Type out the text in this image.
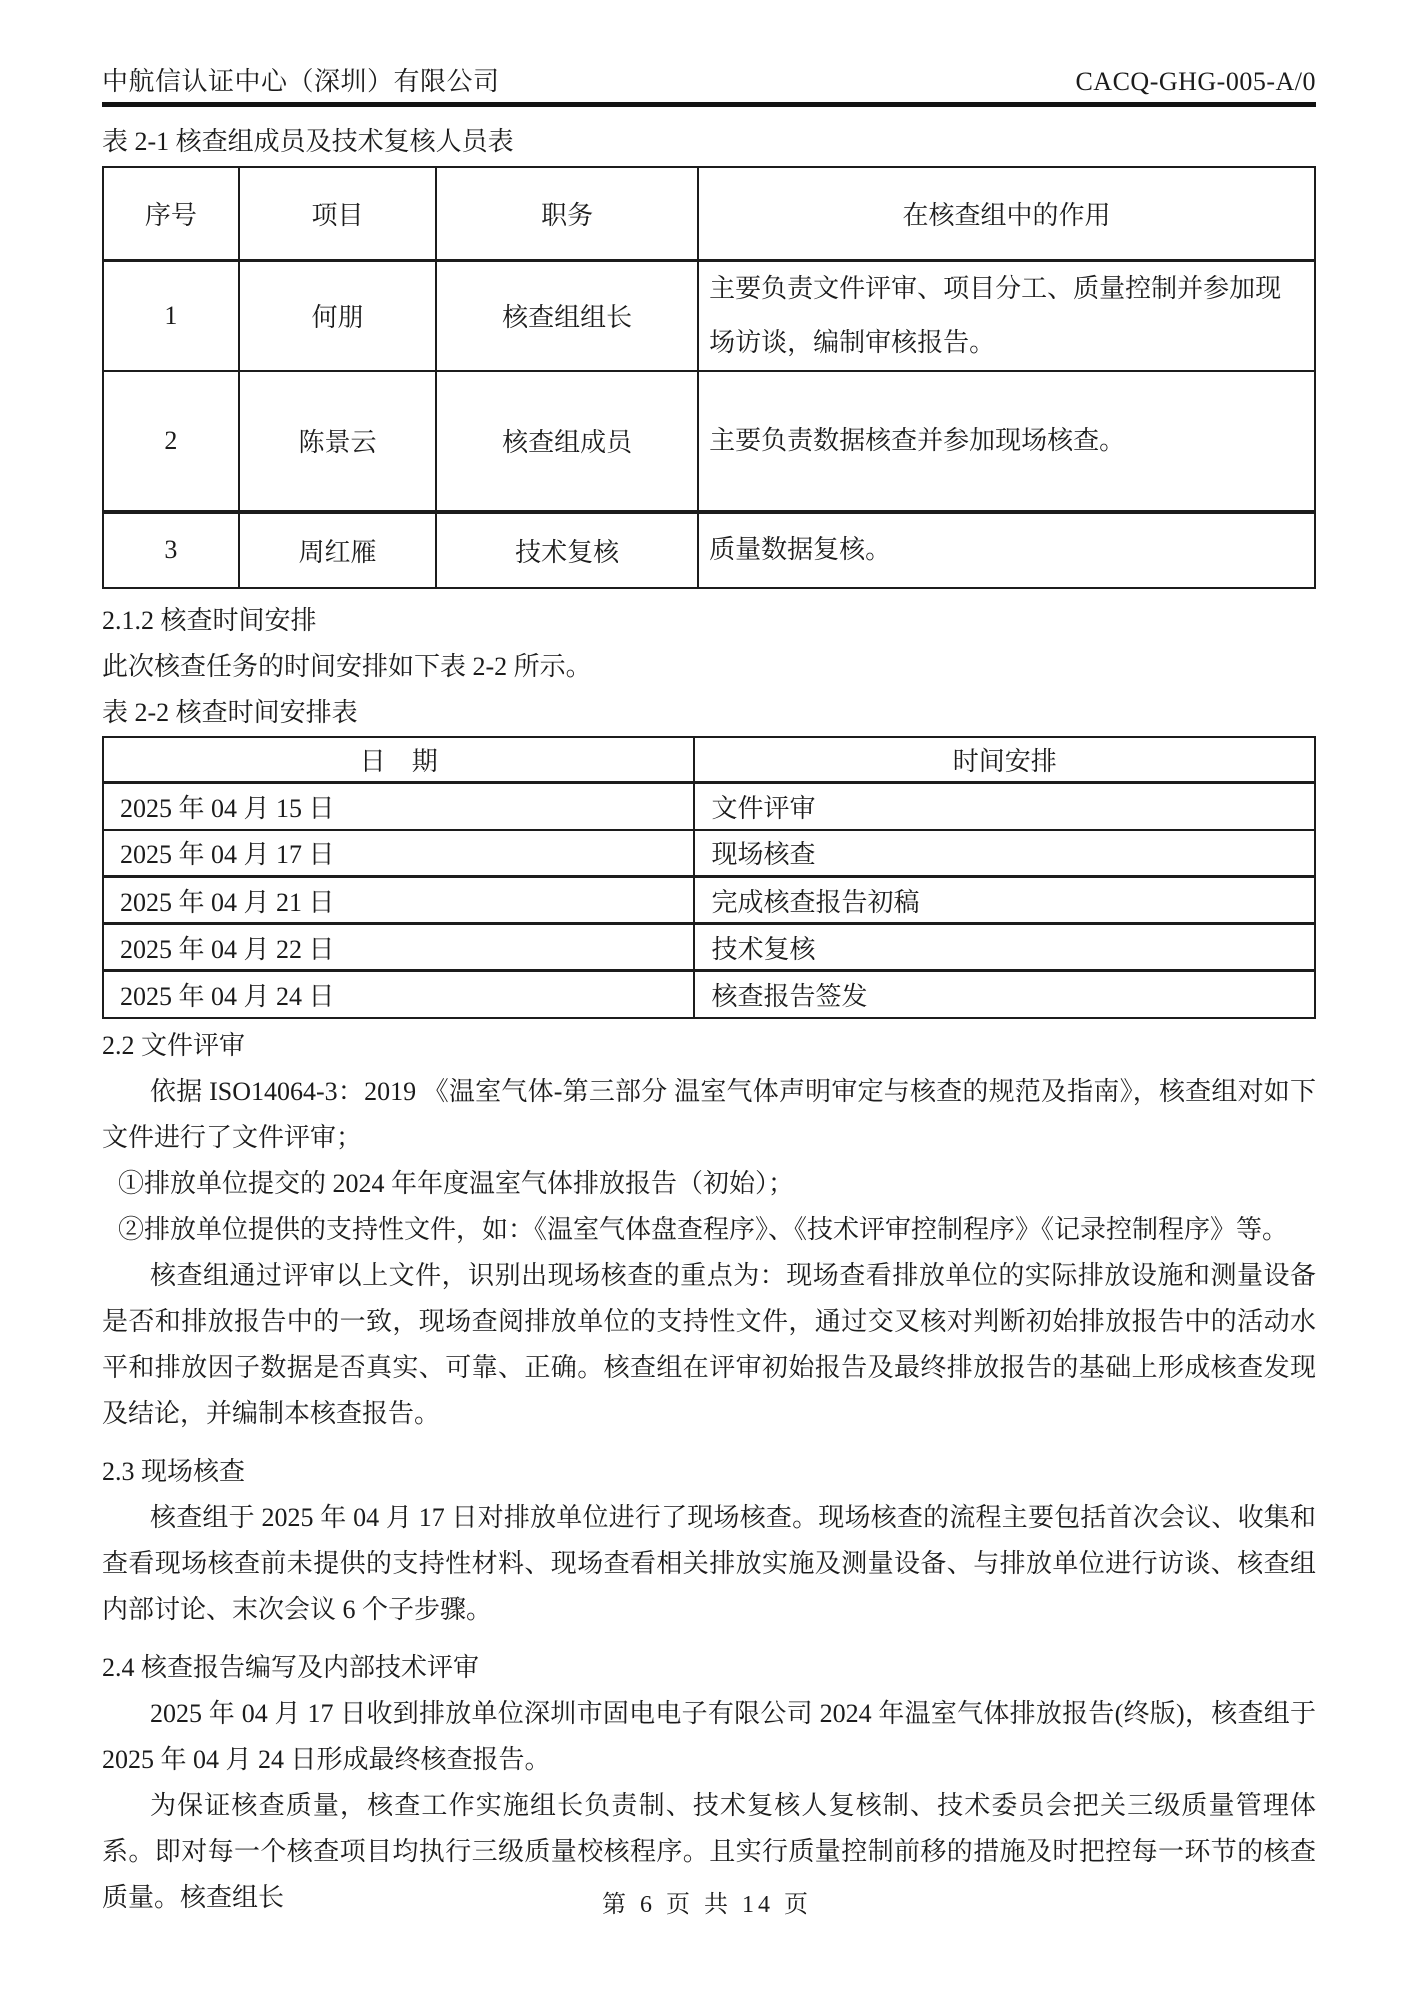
中航信认证中心（深圳）有限公司	CACQ-GHG-005-A/0
表 2-1 核查组成员及技术复核人员表
序号	项目	职务	在核查组中的作用
1	何朋	核查组组长	主要负责文件评审、项目分工、质量控制并参加现场访谈，编制审核报告。
2	陈景云	核查组成员	主要负责数据核查并参加现场核查。
3	周红雁	技术复核	质量数据复核。
2.1.2 核查时间安排

此次核查任务的时间安排如下表 2-2 所示。

表 2-2 核查时间安排表
日　期	时间安排
2025 年 04 月 15 日	文件评审
2025 年 04 月 17 日	现场核查
2025 年 04 月 21 日	完成核查报告初稿
2025 年 04 月 22 日	技术复核
2025 年 04 月 24 日	核查报告签发
2.2 文件评审

依据 ISO14064-3：2019 《温室气体-第三部分 温室气体声明审定与核查的规范及指南》，核查组对如下文件进行了文件评审；

①排放单位提交的 2024 年年度温室气体排放报告（初始）；

②排放单位提供的支持性文件，如：《温室气体盘查程序》、《技术评审控制程序》《记录控制程序》等。

核查组通过评审以上文件，识别出现场核查的重点为：现场查看排放单位的实际排放设施和测量设备是否和排放报告中的一致，现场查阅排放单位的支持性文件，通过交叉核对判断初始排放报告中的活动水平和排放因子数据是否真实、可靠、正确。核查组在评审初始报告及最终排放报告的基础上形成核查发现及结论，并编制本核查报告。

2.3 现场核查

核查组于 2025 年 04 月 17 日对排放单位进行了现场核查。现场核查的流程主要包括首次会议、收集和查看现场核查前未提供的支持性材料、现场查看相关排放实施及测量设备、与排放单位进行访谈、核查组内部讨论、末次会议 6 个子步骤。

2.4 核查报告编写及内部技术评审

2025 年 04 月 17 日收到排放单位深圳市固电电子有限公司 2024 年温室气体排放报告(终版)，核查组于 2025 年 04 月 24 日形成最终核查报告。

为保证核查质量，核查工作实施组长负责制、技术复核人复核制、技术委员会把关三级质量管理体系。即对每一个核查项目均执行三级质量校核程序。且实行质量控制前移的措施及时把控每一环节的核查质量。核查组长	第 6 页 共 14 页
